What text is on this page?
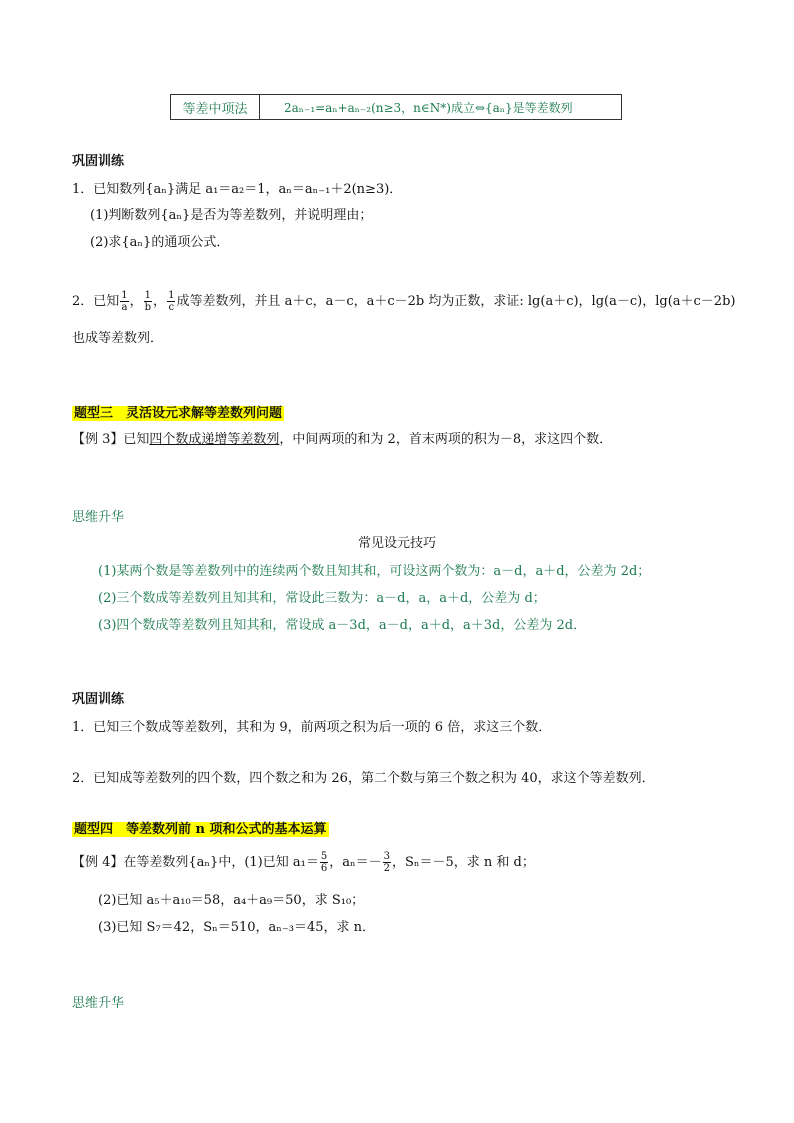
等差中项法	2aₙ₋₁=aₙ+aₙ₋₂(n≥3，n∈N*)成立⇔{aₙ}是等差数列
巩固训练
1．已知数列{aₙ}满足 a₁＝a₂＝1，aₙ＝aₙ₋₁＋2(n≥3)．
(1)判断数列{aₙ}是否为等差数列，并说明理由；
(2)求{aₙ}的通项公式．
2．已知 $\frac{1}{a}$ ， $\frac{1}{b}$ ， $\frac{1}{c}$ 成等差数列，并且 a＋c，a－c，a＋c－2b 均为正数，求证: lg(a＋c)，lg(a－c)，lg(a＋c－2b)
也成等差数列．
题型三　灵活设元求解等差数列问题
【例 3】已知四个数成递增等差数列，中间两项的和为 2，首末两项的积为－8，求这四个数．
思维升华
常见设元技巧
(1)某两个数是等差数列中的连续两个数且知其和，可设这两个数为：a－d，a＋d，公差为 2d；
(2)三个数成等差数列且知其和，常设此三数为：a－d，a，a＋d，公差为 d；
(3)四个数成等差数列且知其和，常设成 a－3d，a－d，a＋d，a＋3d，公差为 2d．
巩固训练
1．已知三个数成等差数列，其和为 9，前两项之积为后一项的 6 倍，求这三个数．
2．已知成等差数列的四个数，四个数之和为 26，第二个数与第三个数之积为 40，求这个等差数列．
题型四　等差数列前 n 项和公式的基本运算
【例 4】在等差数列{aₙ}中，(1)已知 $a_1= \frac{5}{6}$ ，$a_n=- \frac{3}{2}$ ，Sₙ＝－5，求 n 和 d；
(2)已知 a₅＋a₁₀＝58，a₄＋a₉＝50，求 S₁₀；
(3)已知 S₇＝42，Sₙ＝510，aₙ₋₃＝45，求 n．
思维升华
